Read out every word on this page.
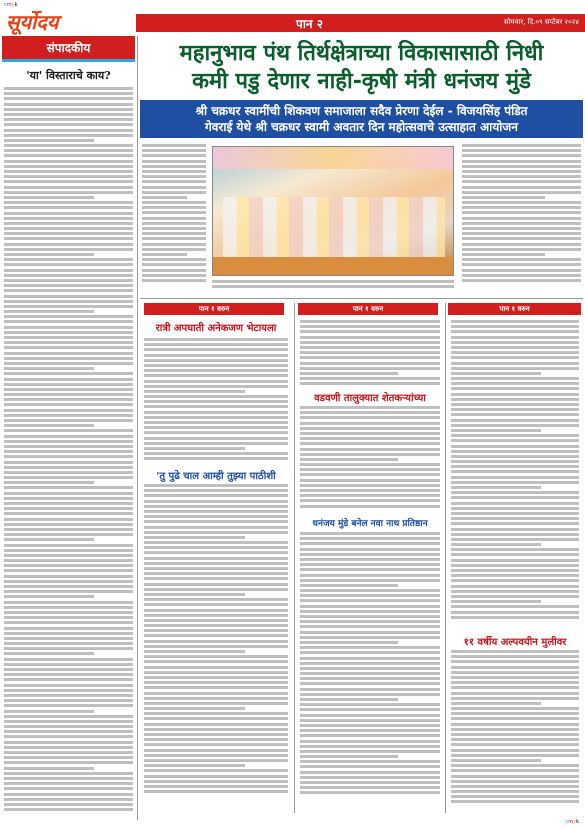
cmyk
cmyk
सूर्योदय	पान २	सोमवार, दि.०९ सप्टेंबर २०२४
संपादकीय
'या' विस्ताराचे काय?
महानुभाव पंथ तिर्थक्षेत्राच्या विकासासाठी निधी
कमी पडु देणार नाही-कृषी मंत्री धनंजय मुंडे
श्री चक्रधर स्वामींची शिकवण समाजाला सदैव प्रेरणा देईल - विजयसिंह पंडित
गेवराई येथे श्री चक्रधर स्वामी अवतार दिन महोत्सवाचे उत्साहात आयोजन
पान १ वरुन	पान १ वरुन	पान १ वरुन
रात्री अपघाती अनेकजण भेटायला
'तु पुढे चाल आम्ही तुझ्या पाठीशी
वडवणी तालुक्यात शेतकऱ्यांच्या
धनंजय मुंडे बनेल नवा नाथ प्रतिष्ठान
११ वर्षीय अल्पवयीन मुलीवर
